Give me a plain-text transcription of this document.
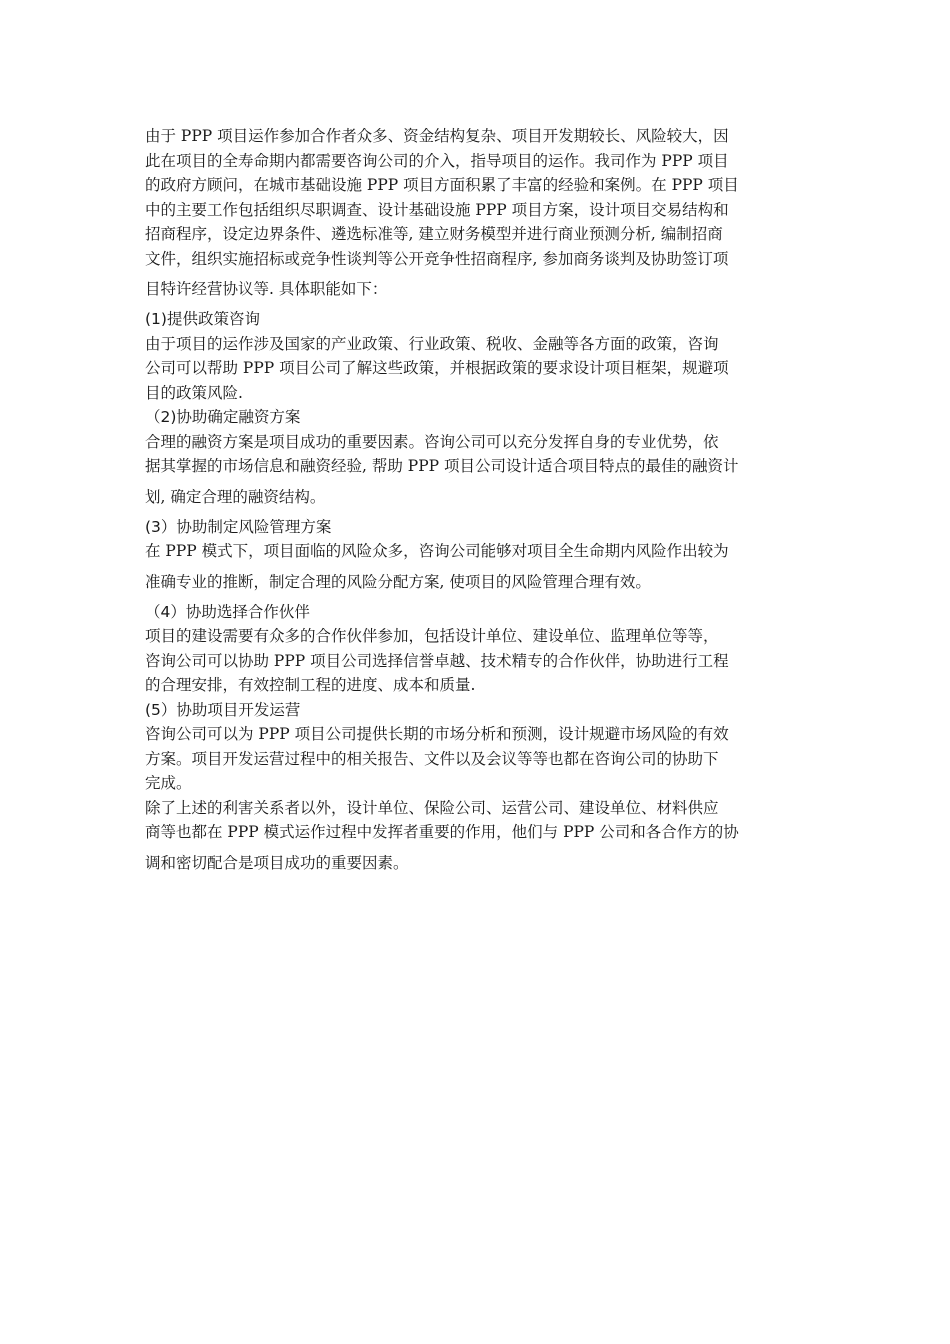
由于 PPP 项目运作参加合作者众多、资金结构复杂、项目开发期较长、风险较大，因
此在项目的全寿命期内都需要咨询公司的介入，指导项目的运作。我司作为 PPP 项目
的政府方顾问，在城市基础设施 PPP 项目方面积累了丰富的经验和案例。在 PPP 项目
中的主要工作包括组织尽职调查、设计基础设施 PPP 项目方案，设计项目交易结构和
招商程序，设定边界条件、遴选标准等, 建立财务模型并进行商业预测分析, 编制招商
文件，组织实施招标或竞争性谈判等公开竞争性招商程序, 参加商务谈判及协助签订项
目特许经营协议等. 具体职能如下：
(1)提供政策咨询
由于项目的运作涉及国家的产业政策、行业政策、税收、金融等各方面的政策，咨询
公司可以帮助 PPP 项目公司了解这些政策，并根据政策的要求设计项目框架，规避项
目的政策风险.
（2)协助确定融资方案
合理的融资方案是项目成功的重要因素。咨询公司可以充分发挥自身的专业优势，依
据其掌握的市场信息和融资经验, 帮助 PPP 项目公司设计适合项目特点的最佳的融资计
划, 确定合理的融资结构。
(3）协助制定风险管理方案
在 PPP 模式下，项目面临的风险众多，咨询公司能够对项目全生命期内风险作出较为
准确专业的推断，制定合理的风险分配方案, 使项目的风险管理合理有效。
（4）协助选择合作伙伴
项目的建设需要有众多的合作伙伴参加，包括设计单位、建设单位、监理单位等等，
咨询公司可以协助 PPP 项目公司选择信誉卓越、技术精专的合作伙伴，协助进行工程
的合理安排，有效控制工程的进度、成本和质量.
(5）协助项目开发运营
咨询公司可以为 PPP 项目公司提供长期的市场分析和预测，设计规避市场风险的有效
方案。项目开发运营过程中的相关报告、文件以及会议等等也都在咨询公司的协助下
完成。
除了上述的利害关系者以外，设计单位、保险公司、运营公司、建设单位、材料供应
商等也都在 PPP 模式运作过程中发挥者重要的作用，他们与 PPP 公司和各合作方的协
调和密切配合是项目成功的重要因素。
